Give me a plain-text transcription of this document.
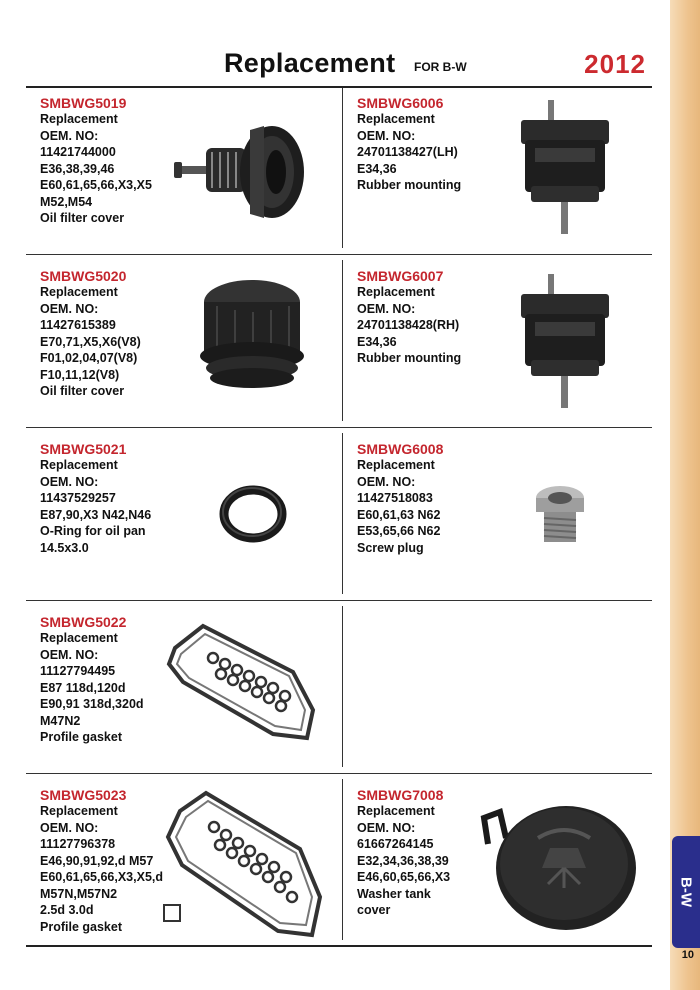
B-W
10
Replacement FOR B-W	2012
SMBWG5019
Replacement
OEM. NO:
11421744000
E36,38,39,46
E60,61,65,66,X3,X5
M52,M54
Oil filter cover
SMBWG6006
Replacement
OEM. NO:
24701138427(LH)
E34,36
Rubber mounting
SMBWG5020
Replacement
OEM. NO:
11427615389
E70,71,X5,X6(V8)
F01,02,04,07(V8)
F10,11,12(V8)
Oil filter cover
SMBWG6007
Replacement
OEM. NO:
24701138428(RH)
E34,36
Rubber mounting
SMBWG5021
Replacement
OEM. NO:
11437529257
E87,90,X3 N42,N46
O-Ring for oil pan
14.5x3.0
SMBWG6008
Replacement
OEM. NO:
11427518083
E60,61,63 N62
E53,65,66 N62
Screw plug
SMBWG5022
Replacement
OEM. NO:
11127794495
E87 118d,120d
E90,91 318d,320d
M47N2
Profile gasket
SMBWG5023
Replacement
OEM. NO:
11127796378
E46,90,91,92,d M57
E60,61,65,66,X3,X5,d
M57N,M57N2
2.5d 3.0d
Profile gasket
SMBWG7008
Replacement
OEM. NO:
61667264145
E32,34,36,38,39
E46,60,65,66,X3
Washer tank
cover
